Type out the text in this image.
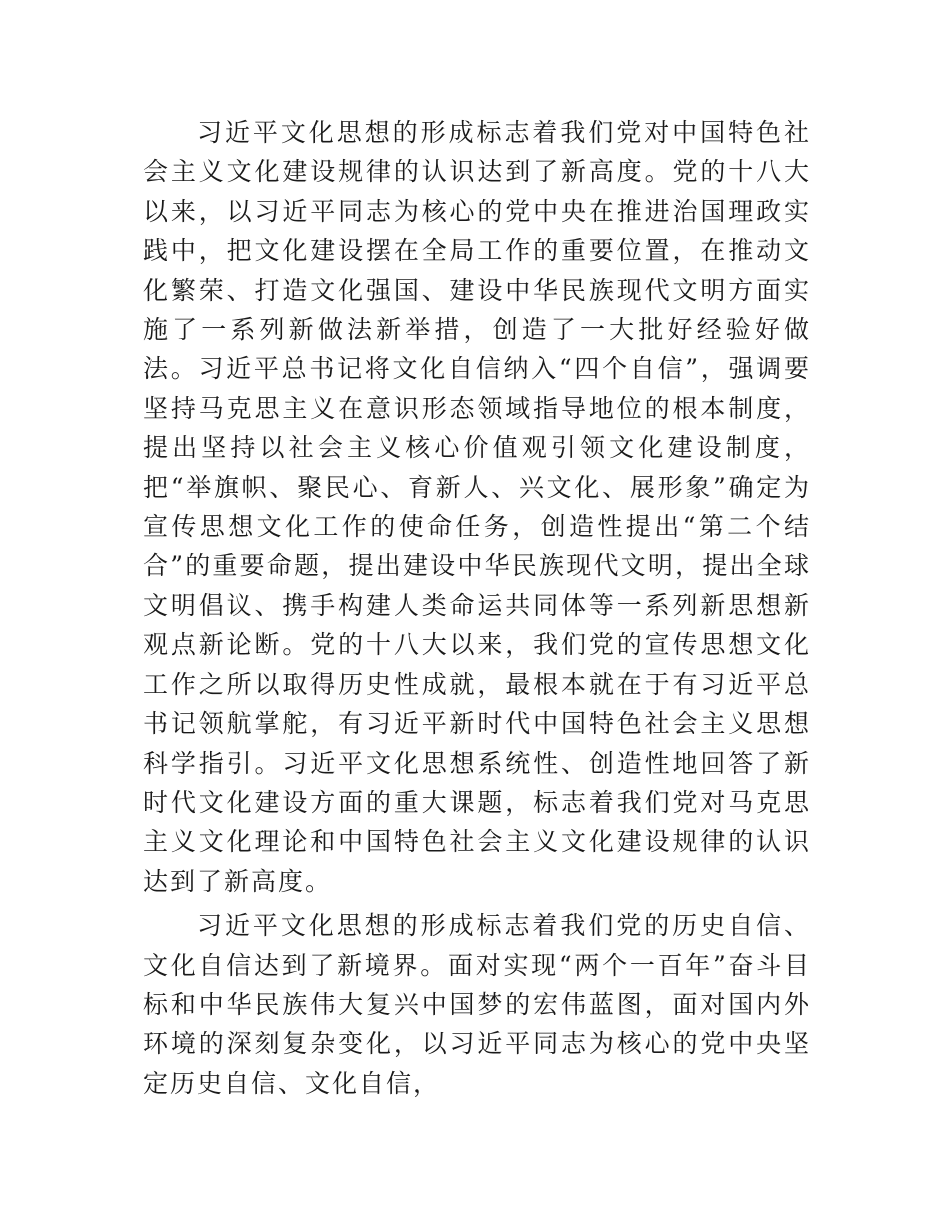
习近平文化思想的形成标志着我们党对中国特色社会主义文化建设规律的认识达到了新高度。党的十八大以来，以习近平同志为核心的党中央在推进治国理政实践中，把文化建设摆在全局工作的重要位置，在推动文化繁荣、打造文化强国、建设中华民族现代文明方面实施了一系列新做法新举措，创造了一大批好经验好做法。习近平总书记将文化自信纳入“四个自信”，强调要坚持马克思主义在意识形态领域指导地位的根本制度，提出坚持以社会主义核心价值观引领文化建设制度，把“举旗帜、聚民心、育新人、兴文化、展形象”确定为宣传思想文化工作的使命任务，创造性提出“第二个结合”的重要命题，提出建设中华民族现代文明，提出全球文明倡议、携手构建人类命运共同体等一系列新思想新观点新论断。党的十八大以来，我们党的宣传思想文化工作之所以取得历史性成就，最根本就在于有习近平总书记领航掌舵，有习近平新时代中国特色社会主义思想科学指引。习近平文化思想系统性、创造性地回答了新时代文化建设方面的重大课题，标志着我们党对马克思主义文化理论和中国特色社会主义文化建设规律的认识达到了新高度。

习近平文化思想的形成标志着我们党的历史自信、文化自信达到了新境界。面对实现“两个一百年”奋斗目标和中华民族伟大复兴中国梦的宏伟蓝图，面对国内外环境的深刻复杂变化，以习近平同志为核心的党中央坚定历史自信、文化自信，
